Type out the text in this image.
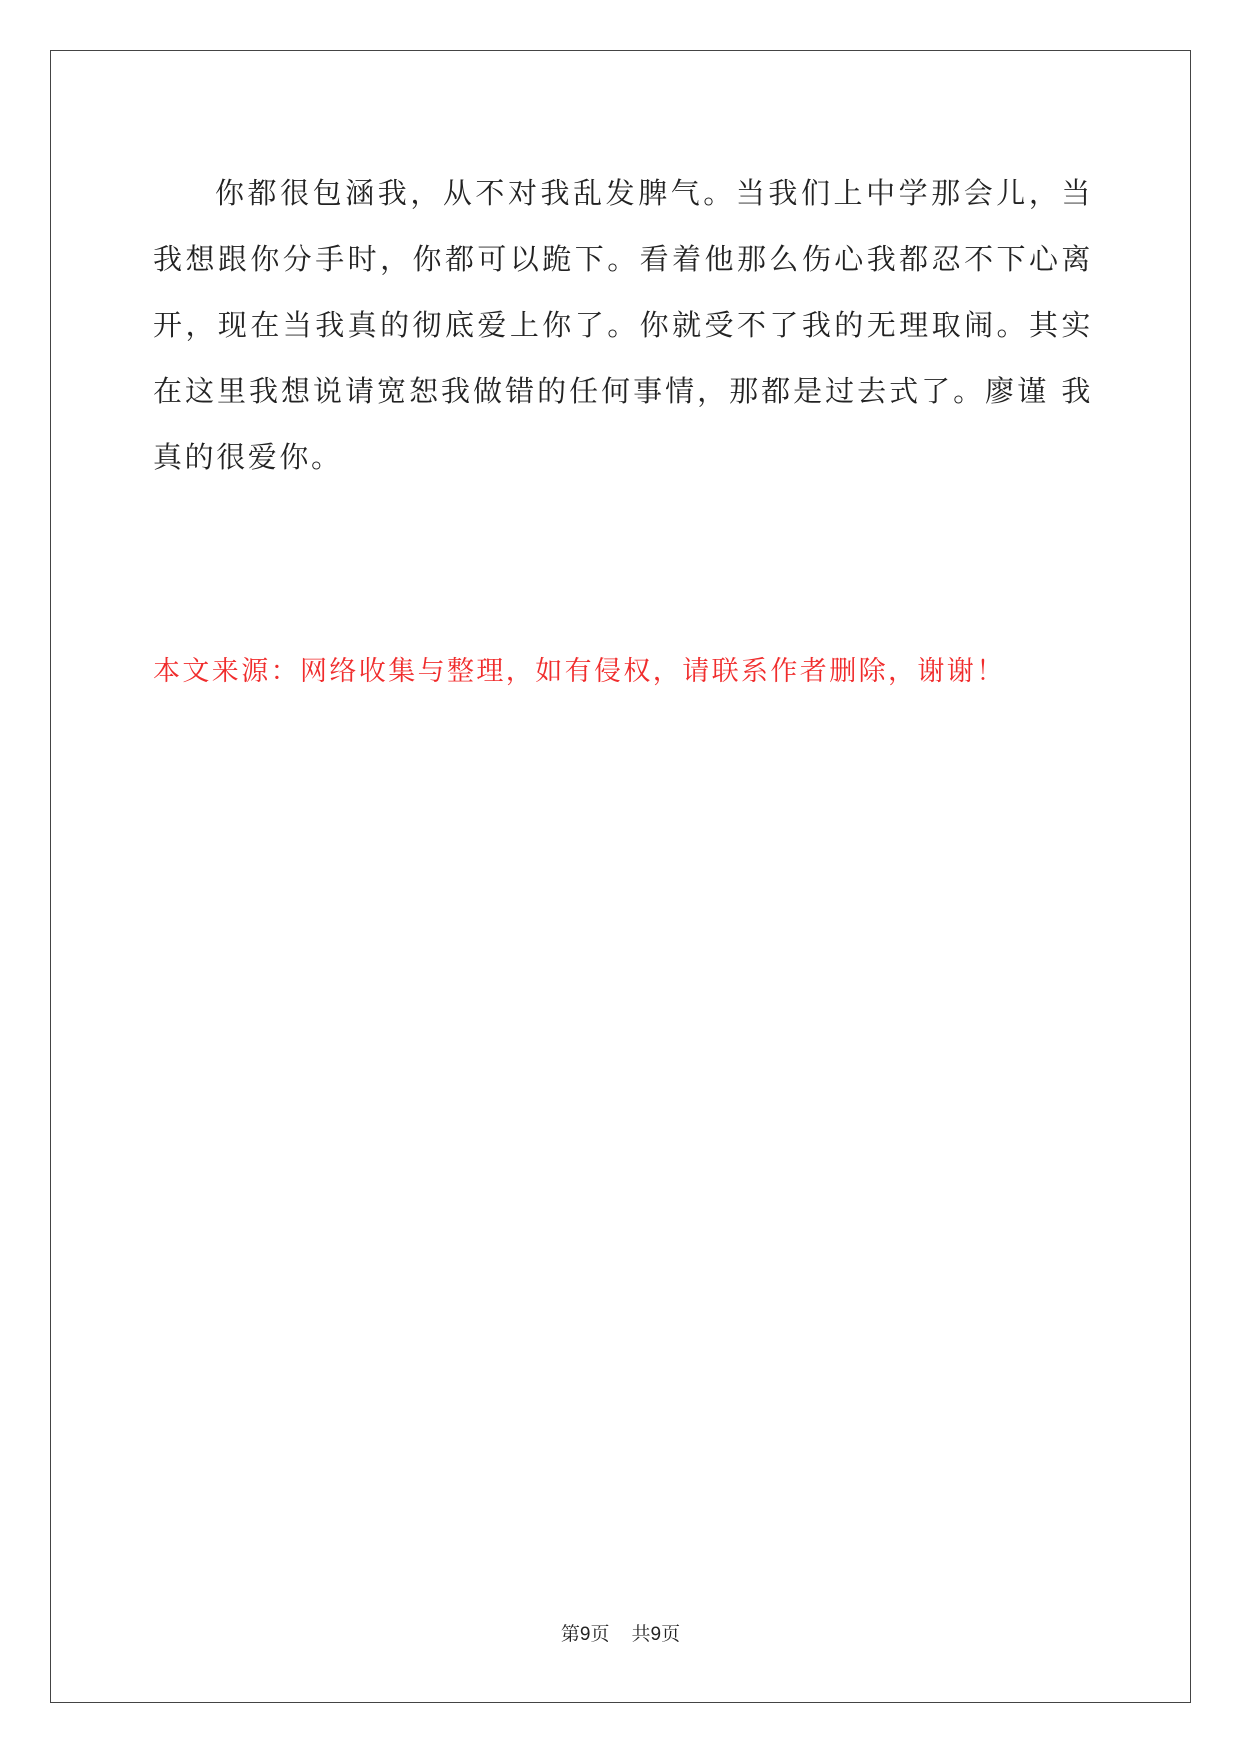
你都很包涵我，从不对我乱发脾气。当我们上中学那会儿，当我想跟你分手时，你都可以跪下。看着他那么伤心我都忍不下心离开，现在当我真的彻底爱上你了。你就受不了我的无理取闹。其实在这里我想说请宽恕我做错的任何事情，那都是过去式了。廖谨 我真的很爱你。

本文来源：网络收集与整理，如有侵权，请联系作者删除，谢谢！

第9页 共9页
